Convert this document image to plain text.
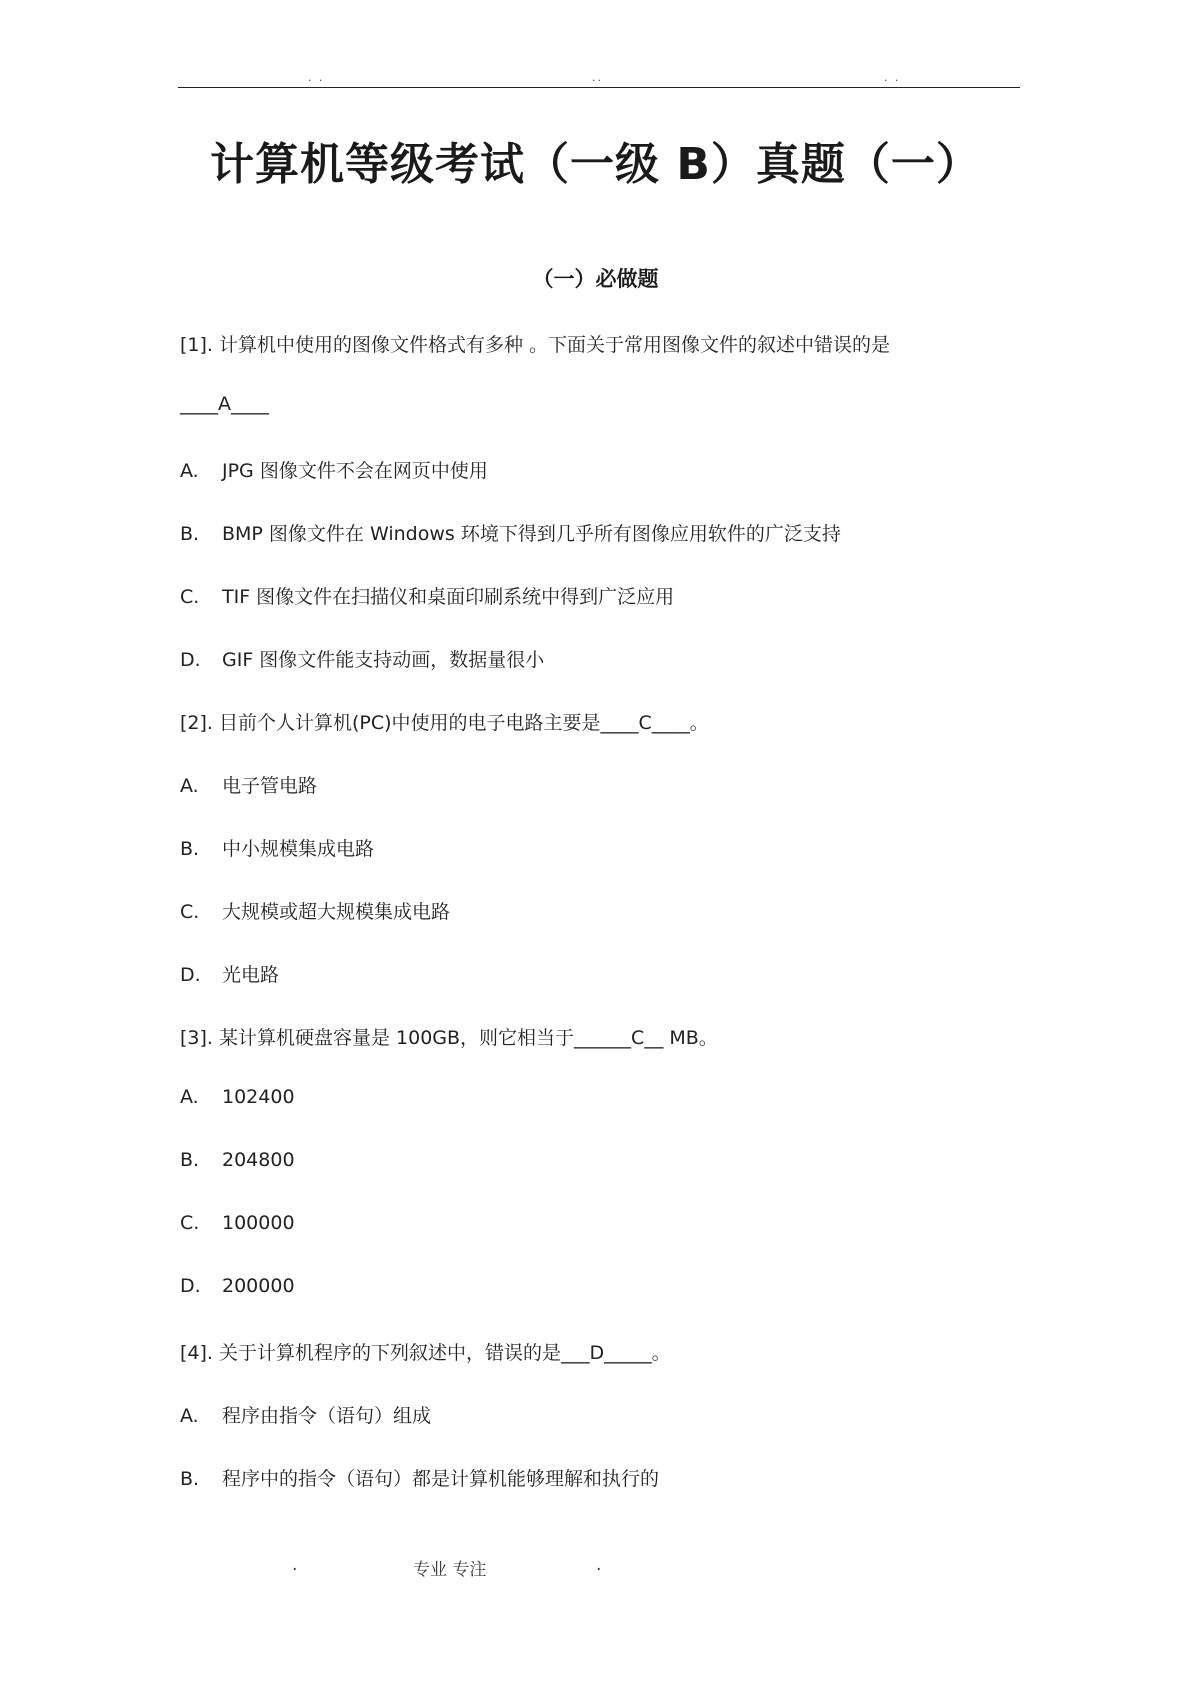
· ·	··	· ·
计算机等级考试（一级 B）真题（一）
（一）必做题
[1]. 计算机中使用的图像文件格式有多种 。下面关于常用图像文件的叙述中错误的是
____A____
A. JPG 图像文件不会在网页中使用
B. BMP 图像文件在 Windows 环境下得到几乎所有图像应用软件的广泛支持
C. TIF 图像文件在扫描仪和桌面印刷系统中得到广泛应用
D. GIF 图像文件能支持动画，数据量很小
[2]. 目前个人计算机(PC)中使用的电子电路主要是____C____。
A. 电子管电路
B. 中小规模集成电路
C. 大规模或超大规模集成电路
D. 光电路
[3]. 某计算机硬盘容量是 100GB，则它相当于______C__ MB。
A. 102400
B. 204800
C. 100000
D. 200000
[4]. 关于计算机程序的下列叙述中，错误的是___D_____。
A. 程序由指令（语句）组成
B. 程序中的指令（语句）都是计算机能够理解和执行的
.	专业 专注	.
